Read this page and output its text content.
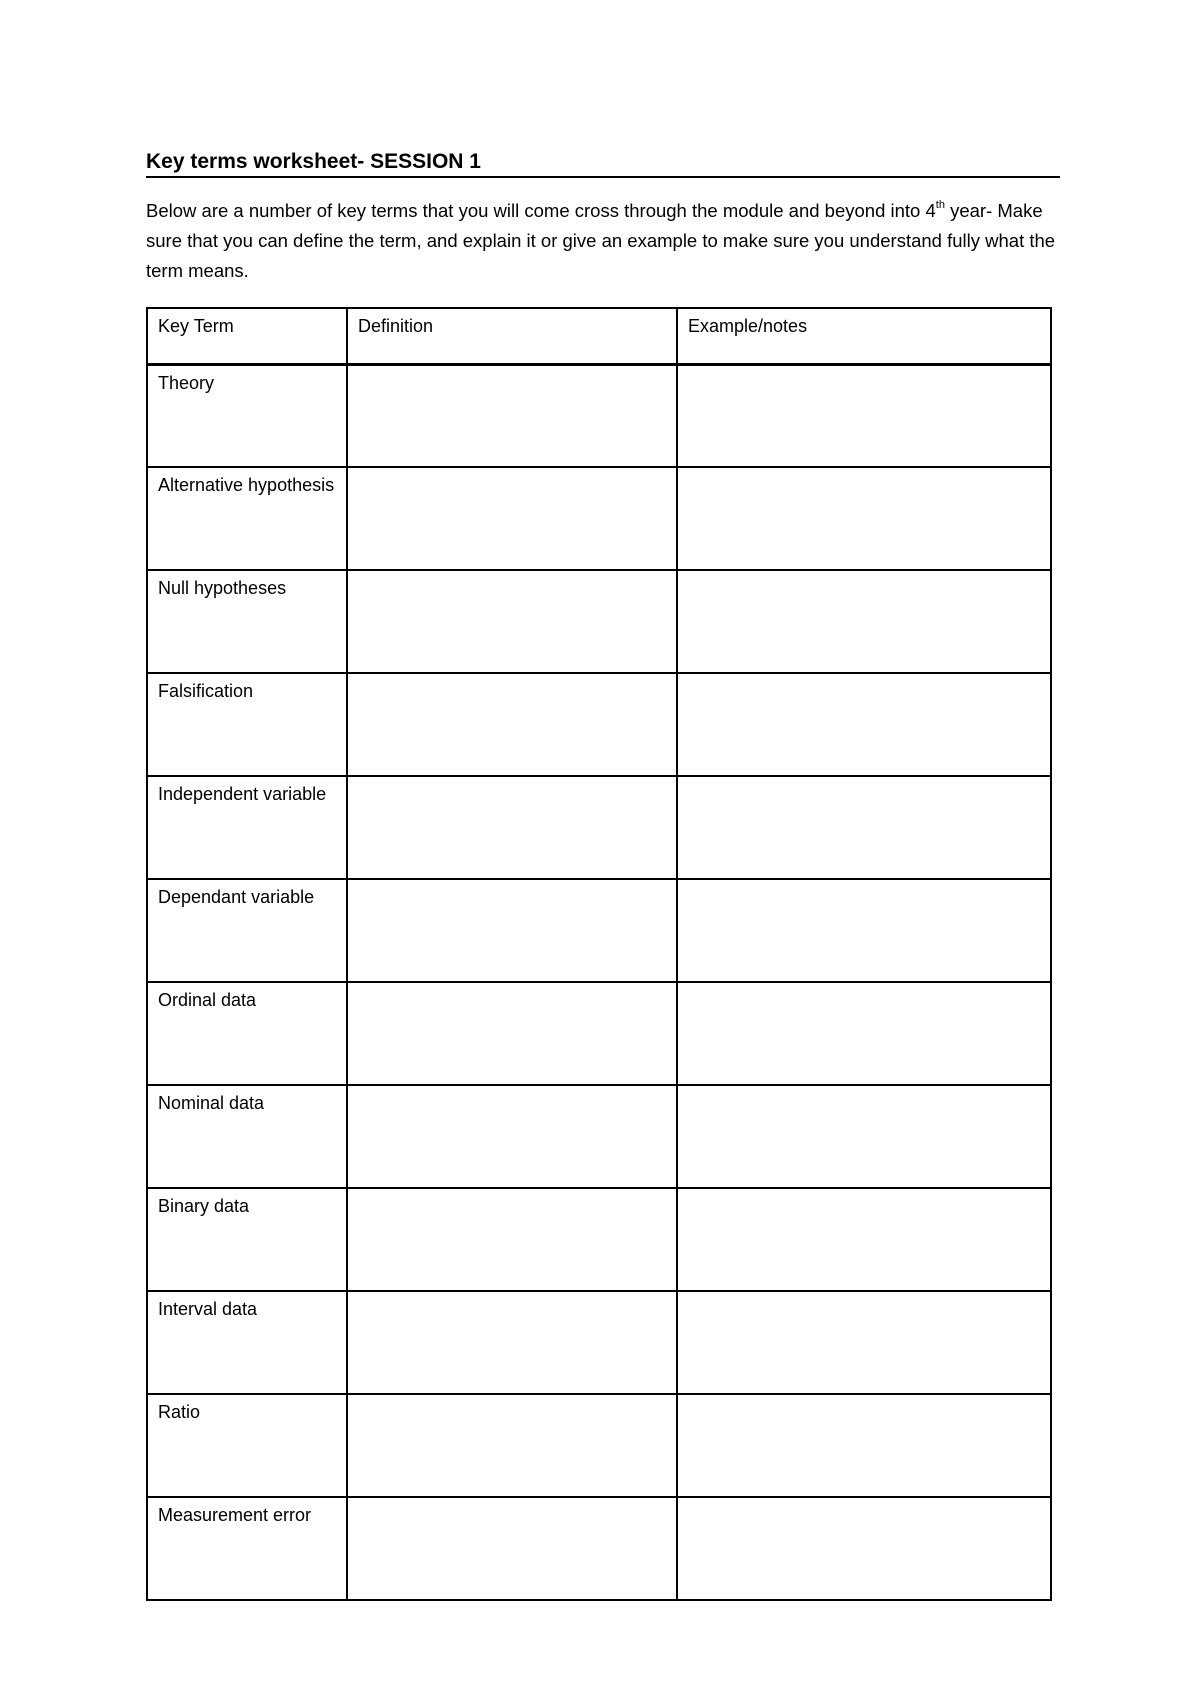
Key terms worksheet- SESSION 1
Below are a number of key terms that you will come cross through the module and beyond into 4th year- Make sure that you can define the term, and explain it or give an example to make sure you understand fully what the term means.
Key Term	Definition	Example/notes
Theory		
Alternative hypothesis		
Null hypotheses		
Falsification		
Independent variable		
Dependant variable		
Ordinal data		
Nominal data		
Binary data		
Interval data		
Ratio		
Measurement error		
